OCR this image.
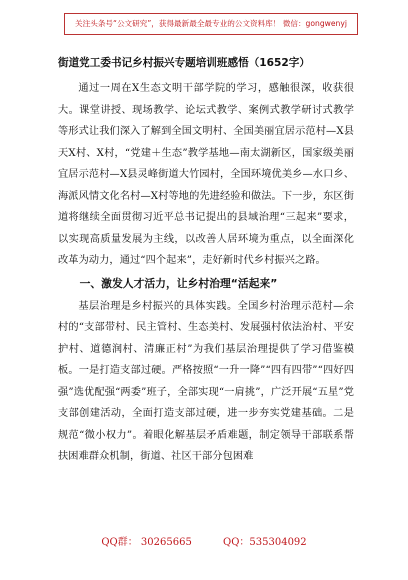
关注头条号“公文研究”，获得最新最全最专业的公文资料库！ 微信：gongwenyj
街道党工委书记乡村振兴专题培训班感悟（1652字）

通过一周在X生态文明干部学院的学习，感触很深，收获很大。课堂讲授、现场教学、论坛式教学、案例式教学研讨式教学等形式让我们深入了解到全国文明村、全国美丽宜居示范村—X县天X村、X村，“党建＋生态”教学基地—南太湖新区，国家级美丽宜居示范村—X县灵峰街道大竹园村，全国环境优美乡—水口乡、海派风情文化名村—X村等地的先进经验和做法。下一步，东区街道将继续全面贯彻习近平总书记提出的县域治理“三起来”要求，以实现高质量发展为主线，以改善人居环境为重点，以全面深化改革为动力，通过“四个起来”，走好新时代乡村振兴之路。

一、激发人才活力，让乡村治理“活起来”

基层治理是乡村振兴的具体实践。全国乡村治理示范村—余村的“支部带村、民主管村、生态美村、发展强村依法治村、平安护村、道德润村、清廉正村”为我们基层治理提供了学习借鉴模板。一是打造支部过硬。严格按照“一升一降”“四有四带”“四好四强”选优配强“两委”班子，全部实现“一肩挑”，广泛开展“五星”党支部创建活动，全面打造支部过硬，进一步夯实党建基础。二是规范“微小权力”。着眼化解基层矛盾难题，制定领导干部联系帮扶困难群众机制，街道、社区干部分包困难

QQ群： 30265665	QQ：535304092
